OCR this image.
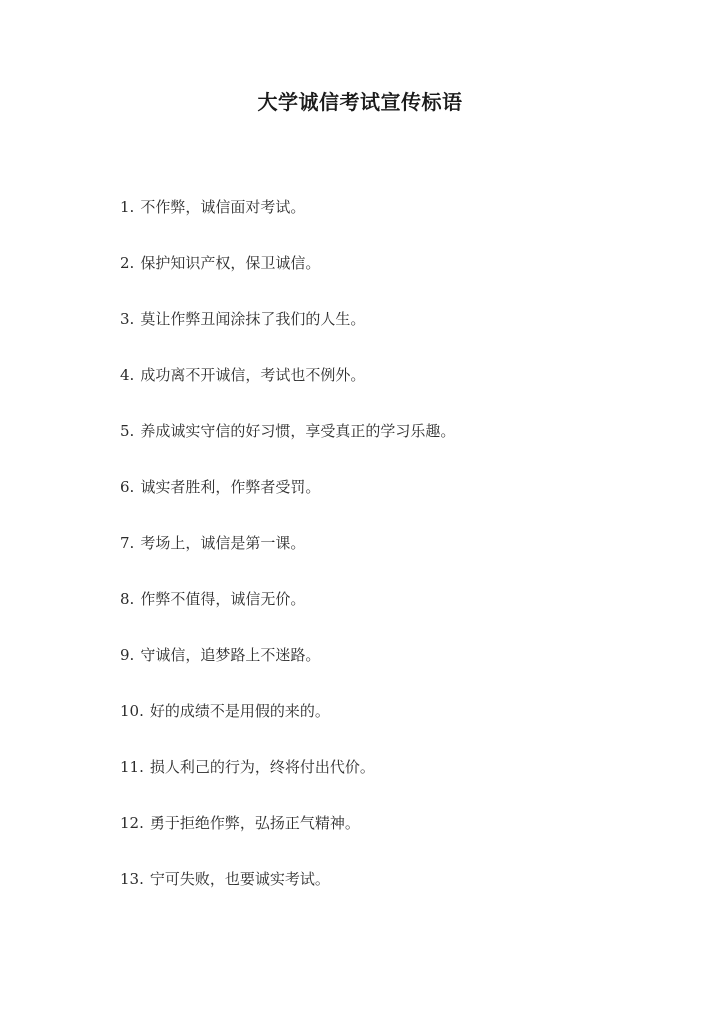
大学诚信考试宣传标语
1. 不作弊，诚信面对考试。
2. 保护知识产权，保卫诚信。
3. 莫让作弊丑闻涂抹了我们的人生。
4. 成功离不开诚信，考试也不例外。
5. 养成诚实守信的好习惯，享受真正的学习乐趣。
6. 诚实者胜利，作弊者受罚。
7. 考场上，诚信是第一课。
8. 作弊不值得，诚信无价。
9. 守诚信，追梦路上不迷路。
10. 好的成绩不是用假的来的。
11. 损人利己的行为，终将付出代价。
12. 勇于拒绝作弊，弘扬正气精神。
13. 宁可失败，也要诚实考试。
